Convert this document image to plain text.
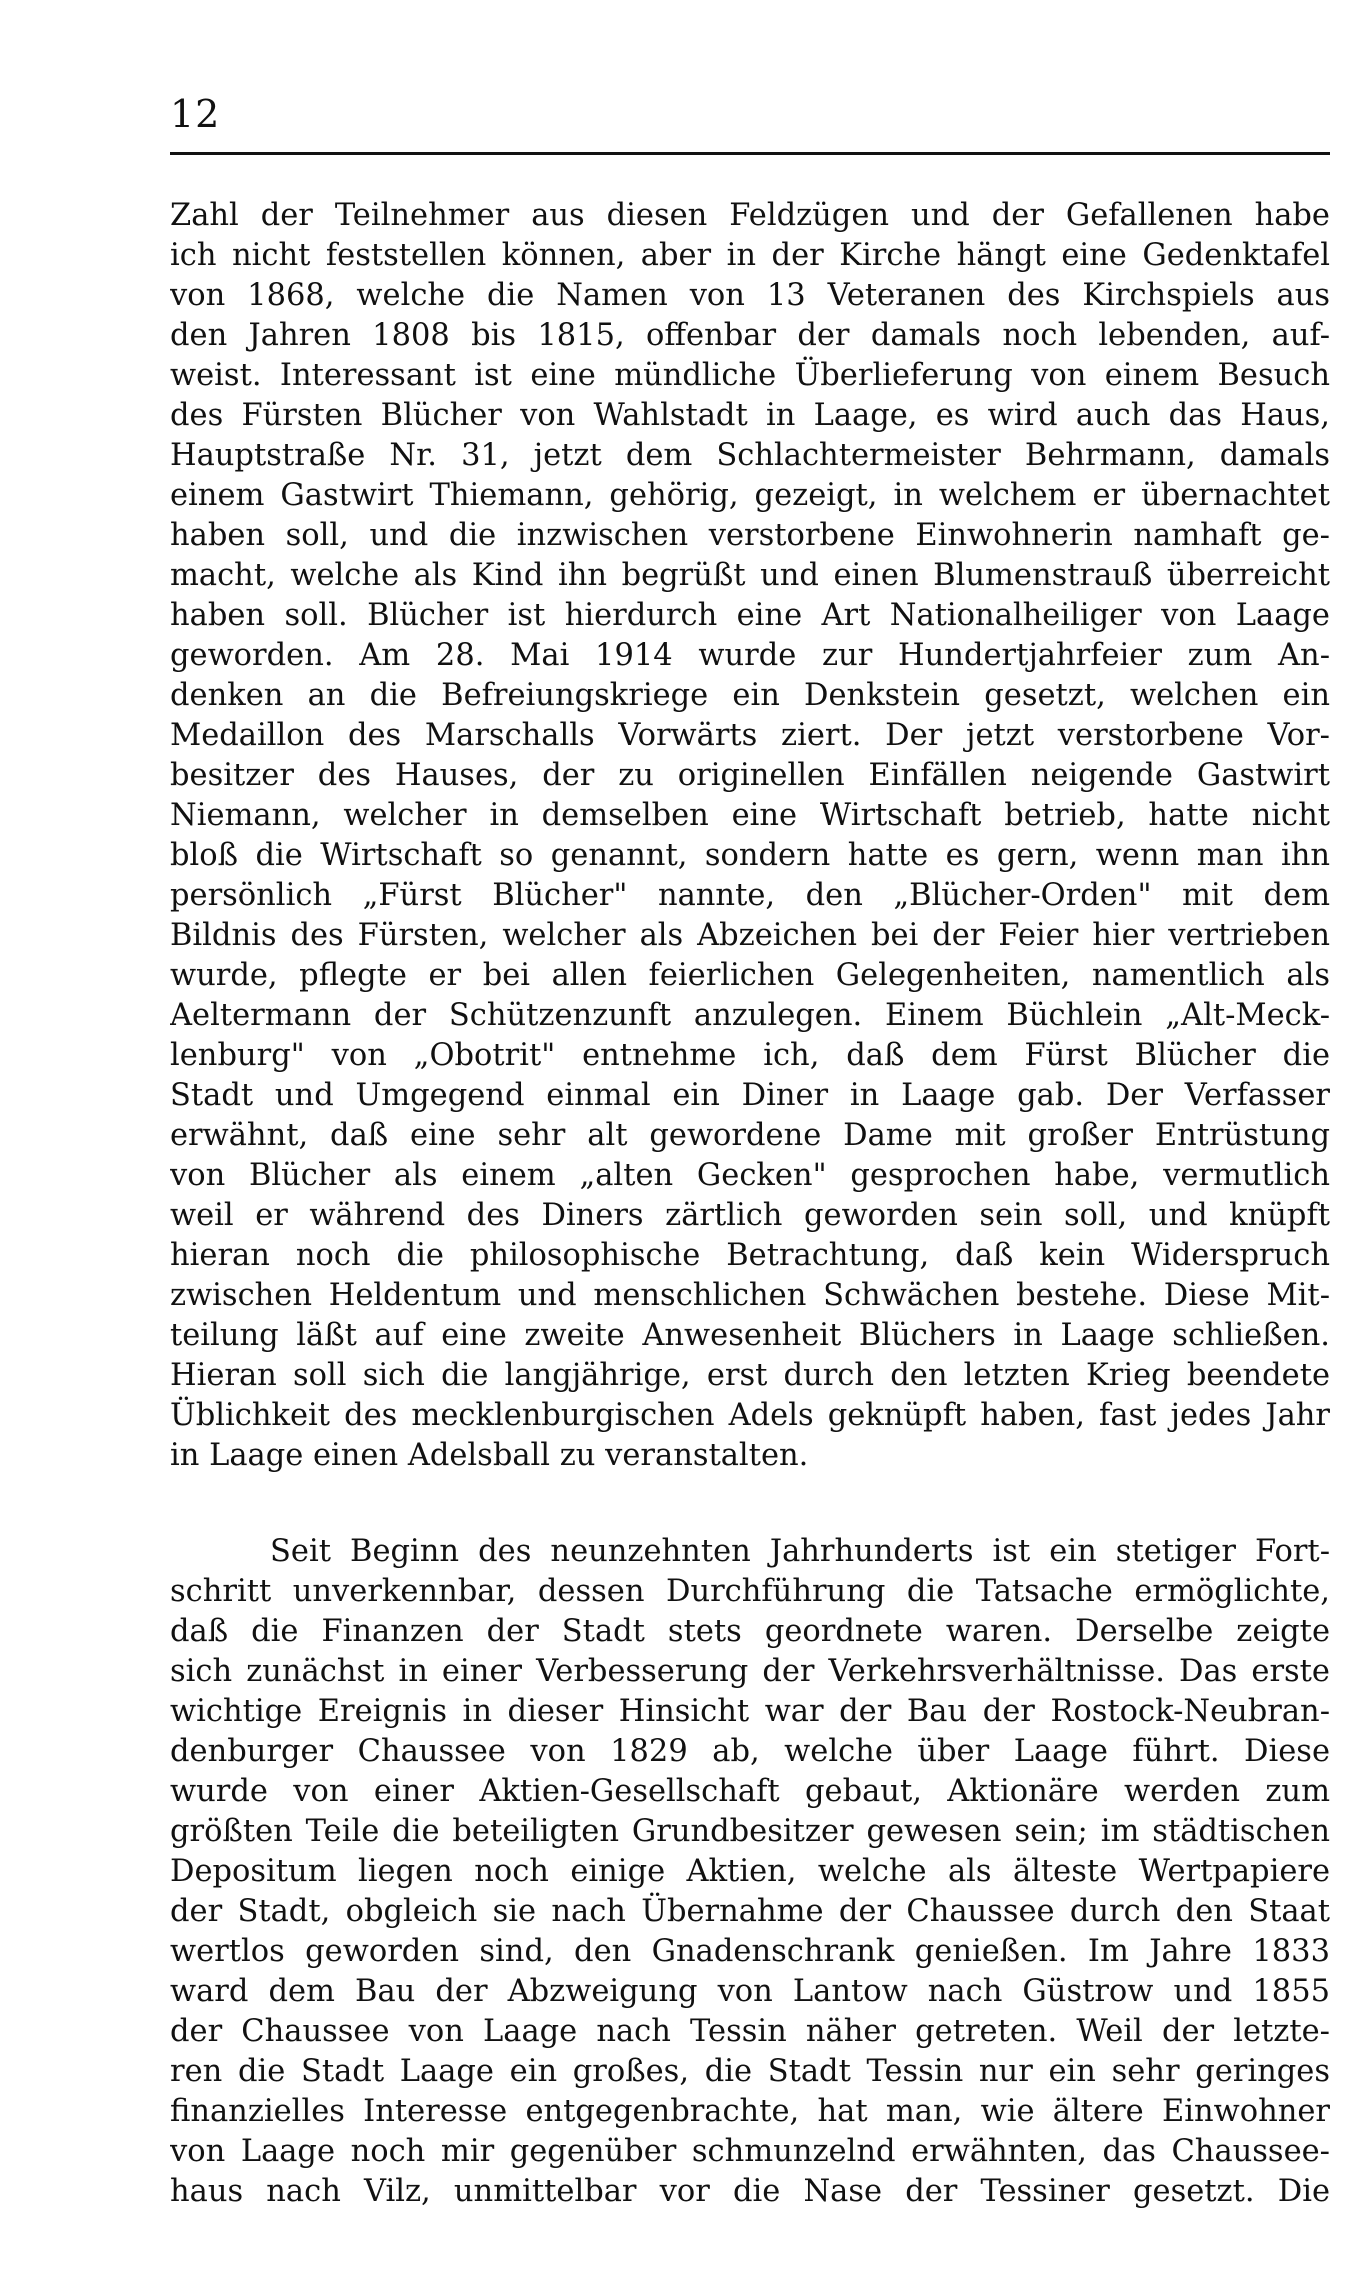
12
Zahl der Teilnehmer aus diesen Feldzügen und der Gefallenen habe
ich nicht feststellen können, aber in der Kirche hängt eine Gedenktafel
von 1868, welche die Namen von 13 Veteranen des Kirchspiels aus
den Jahren 1808 bis 1815, offenbar der damals noch lebenden, auf-
weist. Interessant ist eine mündliche Überlieferung von einem Besuch
des Fürsten Blücher von Wahlstadt in Laage, es wird auch das Haus,
Hauptstraße Nr. 31, jetzt dem Schlachtermeister Behrmann, damals
einem Gastwirt Thiemann, gehörig, gezeigt, in welchem er übernachtet
haben soll, und die inzwischen verstorbene Einwohnerin namhaft ge-
macht, welche als Kind ihn begrüßt und einen Blumenstrauß überreicht
haben soll. Blücher ist hierdurch eine Art Nationalheiliger von Laage
geworden. Am 28. Mai 1914 wurde zur Hundertjahrfeier zum An-
denken an die Befreiungskriege ein Denkstein gesetzt, welchen ein
Medaillon des Marschalls Vorwärts ziert. Der jetzt verstorbene Vor-
besitzer des Hauses, der zu originellen Einfällen neigende Gastwirt
Niemann, welcher in demselben eine Wirtschaft betrieb, hatte nicht
bloß die Wirtschaft so genannt, sondern hatte es gern, wenn man ihn
persönlich „Fürst Blücher" nannte, den „Blücher-Orden" mit dem
Bildnis des Fürsten, welcher als Abzeichen bei der Feier hier vertrieben
wurde, pflegte er bei allen feierlichen Gelegenheiten, namentlich als
Aeltermann der Schützenzunft anzulegen. Einem Büchlein „Alt-Meck-
lenburg" von „Obotrit" entnehme ich, daß dem Fürst Blücher die
Stadt und Umgegend einmal ein Diner in Laage gab. Der Verfasser
erwähnt, daß eine sehr alt gewordene Dame mit großer Entrüstung
von Blücher als einem „alten Gecken" gesprochen habe, vermutlich
weil er während des Diners zärtlich geworden sein soll, und knüpft
hieran noch die philosophische Betrachtung, daß kein Widerspruch
zwischen Heldentum und menschlichen Schwächen bestehe. Diese Mit-
teilung läßt auf eine zweite Anwesenheit Blüchers in Laage schließen.
Hieran soll sich die langjährige, erst durch den letzten Krieg beendete
Üblichkeit des mecklenburgischen Adels geknüpft haben, fast jedes Jahr
in Laage einen Adelsball zu veranstalten.
Seit Beginn des neunzehnten Jahrhunderts ist ein stetiger Fort-
schritt unverkennbar, dessen Durchführung die Tatsache ermöglichte,
daß die Finanzen der Stadt stets geordnete waren. Derselbe zeigte
sich zunächst in einer Verbesserung der Verkehrsverhältnisse. Das erste
wichtige Ereignis in dieser Hinsicht war der Bau der Rostock-Neubran-
denburger Chaussee von 1829 ab, welche über Laage führt. Diese
wurde von einer Aktien-Gesellschaft gebaut, Aktionäre werden zum
größten Teile die beteiligten Grundbesitzer gewesen sein; im städtischen
Depositum liegen noch einige Aktien, welche als älteste Wertpapiere
der Stadt, obgleich sie nach Übernahme der Chaussee durch den Staat
wertlos geworden sind, den Gnadenschrank genießen. Im Jahre 1833
ward dem Bau der Abzweigung von Lantow nach Güstrow und 1855
der Chaussee von Laage nach Tessin näher getreten. Weil der letzte-
ren die Stadt Laage ein großes, die Stadt Tessin nur ein sehr geringes
finanzielles Interesse entgegenbrachte, hat man, wie ältere Einwohner
von Laage noch mir gegenüber schmunzelnd erwähnten, das Chaussee-
haus nach Vilz, unmittelbar vor die Nase der Tessiner gesetzt. Die
